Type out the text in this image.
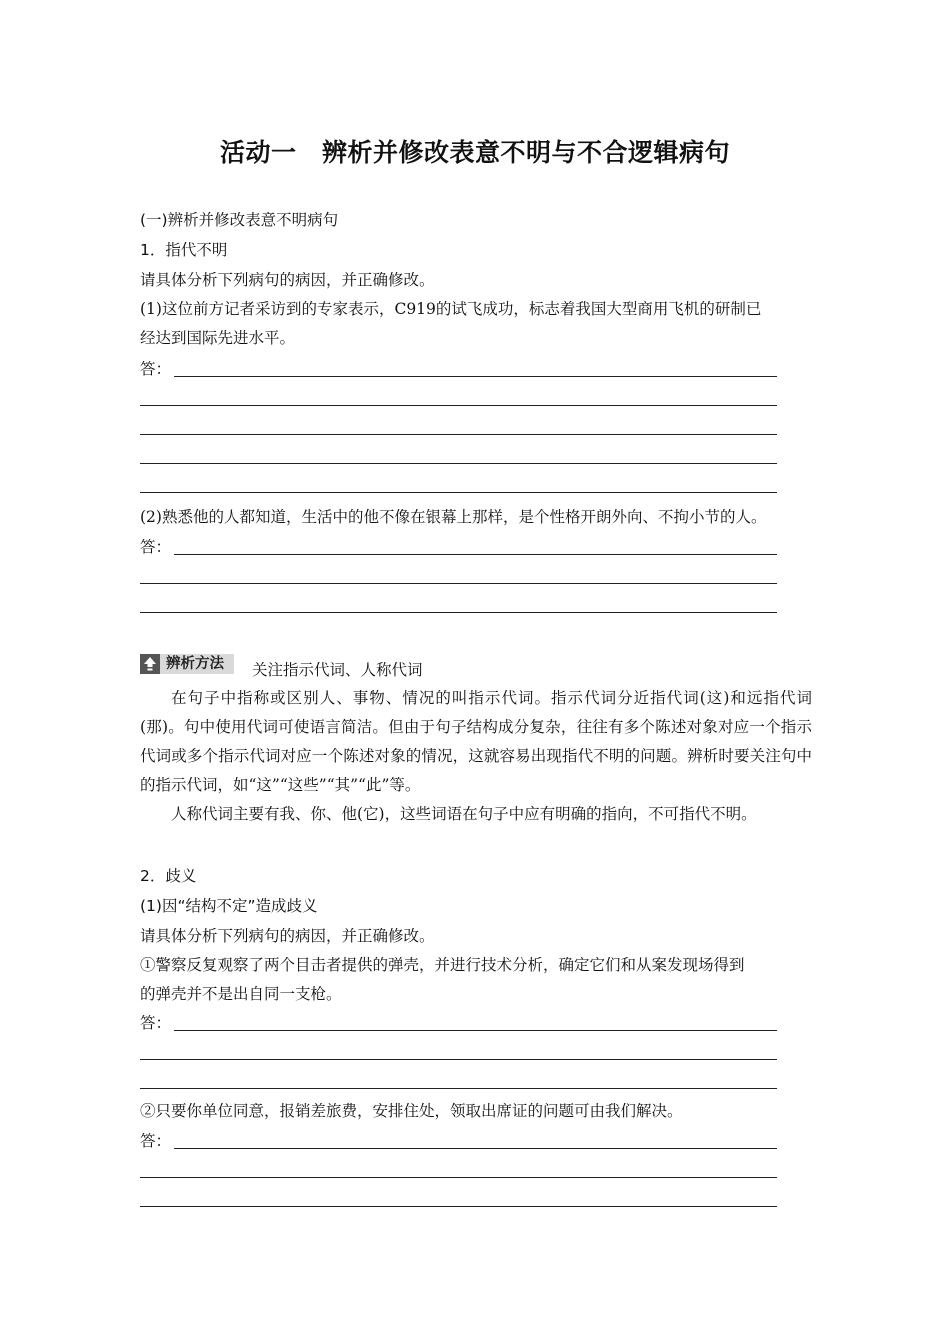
活动一　辨析并修改表意不明与不合逻辑病句
(一)辨析并修改表意不明病句
1．指代不明
请具体分析下列病句的病因，并正确修改。
(1)这位前方记者采访到的专家表示，C919的试飞成功，标志着我国大型商用飞机的研制已
经达到国际先进水平。
答：
(2)熟悉他的人都知道，生活中的他不像在银幕上那样，是个性格开朗外向、不拘小节的人。
答：
辨析方法 关注指示代词、人称代词
在句子中指称或区别人、事物、情况的叫指示代词。指示代词分近指代词(这)和远指代词(那)。句中使用代词可使语言简洁。但由于句子结构成分复杂，往往有多个陈述对象对应一个指示代词或多个指示代词对应一个陈述对象的情况，这就容易出现指代不明的问题。辨析时要关注句中的指示代词，如“这”“这些”“其”“此”等。
人称代词主要有我、你、他(它)，这些词语在句子中应有明确的指向，不可指代不明。
2．歧义
(1)因“结构不定”造成歧义
请具体分析下列病句的病因，并正确修改。
①警察反复观察了两个目击者提供的弹壳，并进行技术分析，确定它们和从案发现场得到
的弹壳并不是出自同一支枪。
答：
②只要你单位同意，报销差旅费，安排住处，领取出席证的问题可由我们解决。
答：
